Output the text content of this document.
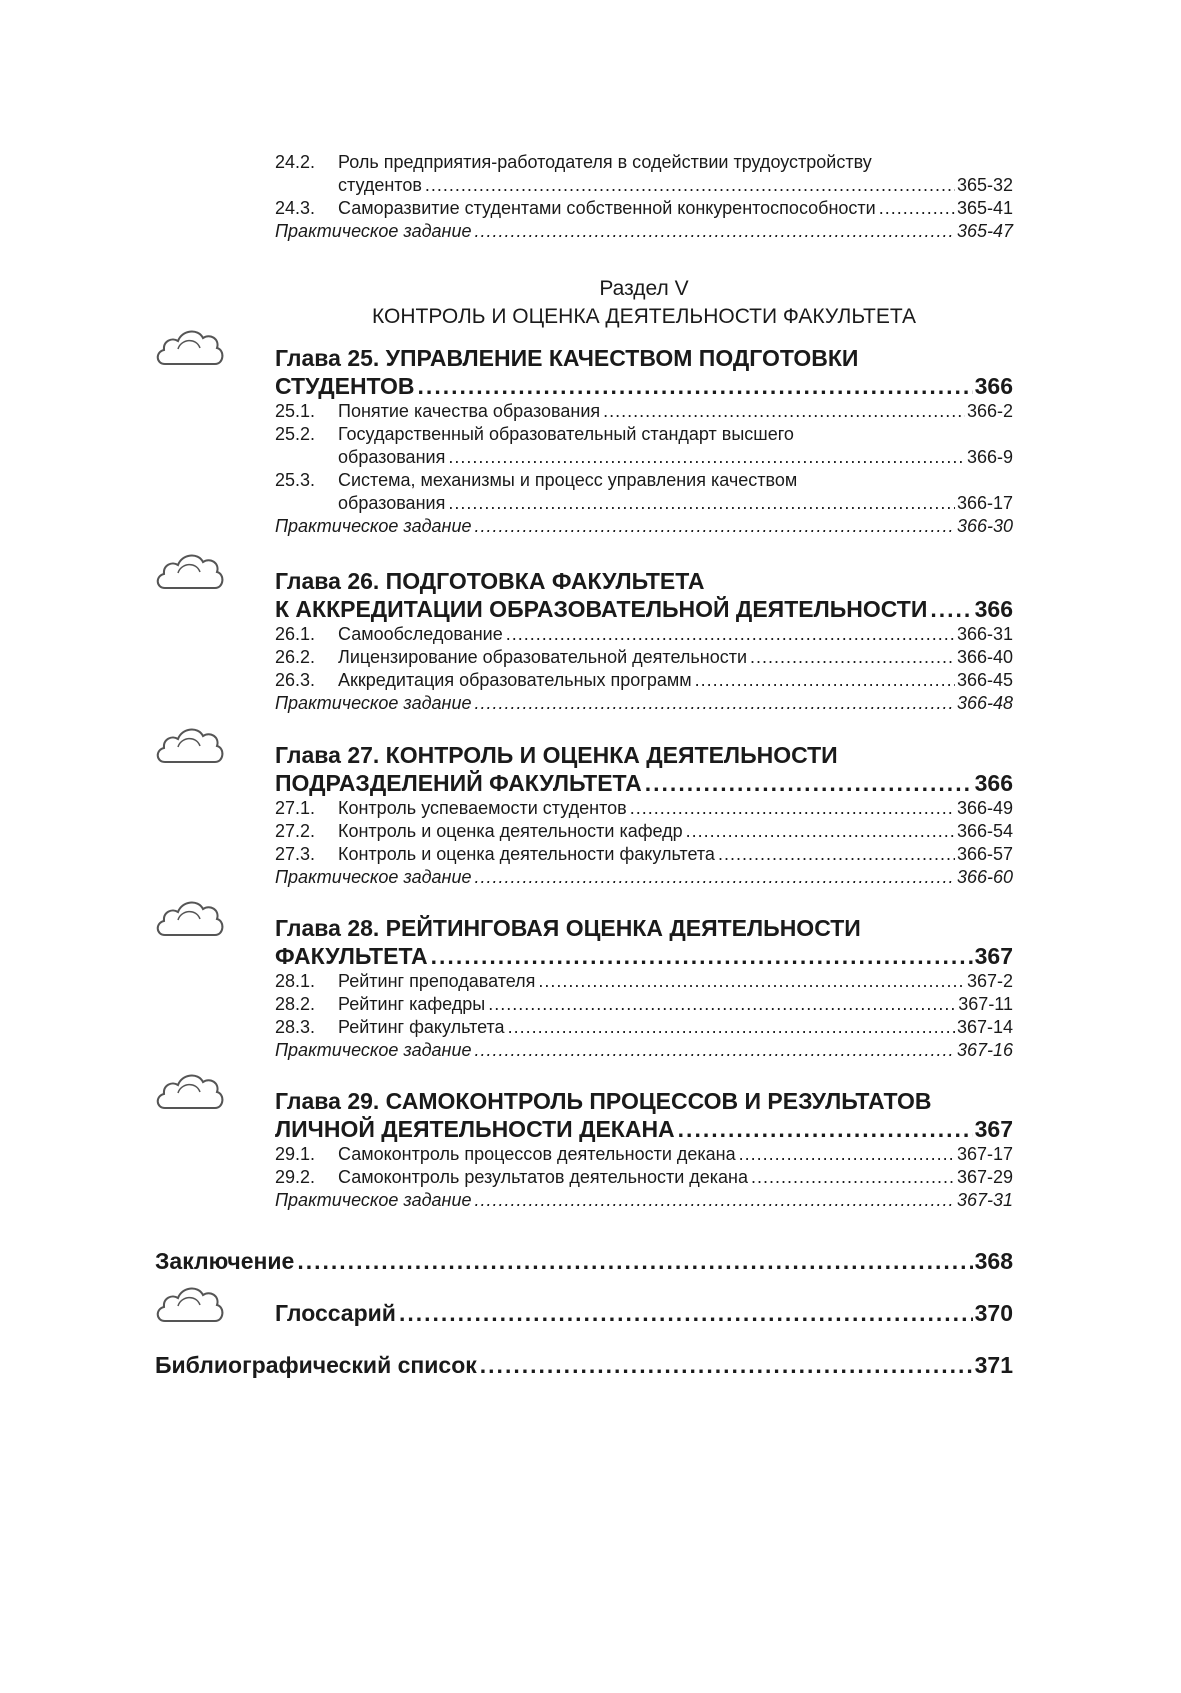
24.2.	Роль предприятия-работодателя в содействии трудоустройству
студентов .....	365-32
24.3.	Саморазвитие студентами собственной конкурентоспособности .....	365-41
Практическое задание .....	365-47
Раздел V
КОНТРОЛЬ И ОЦЕНКА ДЕЯТЕЛЬНОСТИ ФАКУЛЬТЕТА
Глава 25. УПРАВЛЕНИЕ КАЧЕСТВОМ ПОДГОТОВКИ
СТУДЕНТОВ .....	366
25.1.	Понятие качества образования .....	366-2
25.2.	Государственный образовательный стандарт высшего
образования .....	366-9
25.3.	Система, механизмы и процесс управления качеством
образования .....	366-17
Практическое задание .....	366-30
Глава 26. ПОДГОТОВКА ФАКУЛЬТЕТА
К АККРЕДИТАЦИИ ОБРАЗОВАТЕЛЬНОЙ ДЕЯТЕЛЬНОСТИ ..... 366
26.1.	Самообследование .....	366-31
26.2.	Лицензирование образовательной деятельности .....	366-40
26.3.	Аккредитация образовательных программ .....	366-45
Практическое задание .....	366-48
Глава 27. КОНТРОЛЬ И ОЦЕНКА ДЕЯТЕЛЬНОСТИ
ПОДРАЗДЕЛЕНИЙ ФАКУЛЬТЕТА .....	366
27.1.	Контроль успеваемости студентов .....	366-49
27.2.	Контроль и оценка деятельности кафедр .....	366-54
27.3.	Контроль и оценка деятельности факультета .....	366-57
Практическое задание .....	366-60
Глава 28. РЕЙТИНГОВАЯ ОЦЕНКА ДЕЯТЕЛЬНОСТИ
ФАКУЛЬТЕТА .....	367
28.1.	Рейтинг преподавателя .....	367-2
28.2.	Рейтинг кафедры .....	367-11
28.3.	Рейтинг факультета .....	367-14
Практическое задание .....	367-16
Глава 29. САМОКОНТРОЛЬ ПРОЦЕССОВ И РЕЗУЛЬТАТОВ
ЛИЧНОЙ ДЕЯТЕЛЬНОСТИ ДЕКАНА .....	367
29.1.	Самоконтроль процессов деятельности декана .....	367-17
29.2.	Самоконтроль результатов деятельности декана .....	367-29
Практическое задание .....	367-31
Заключение .....	368
Глоссарий .....	370
Библиографический список .....	371
